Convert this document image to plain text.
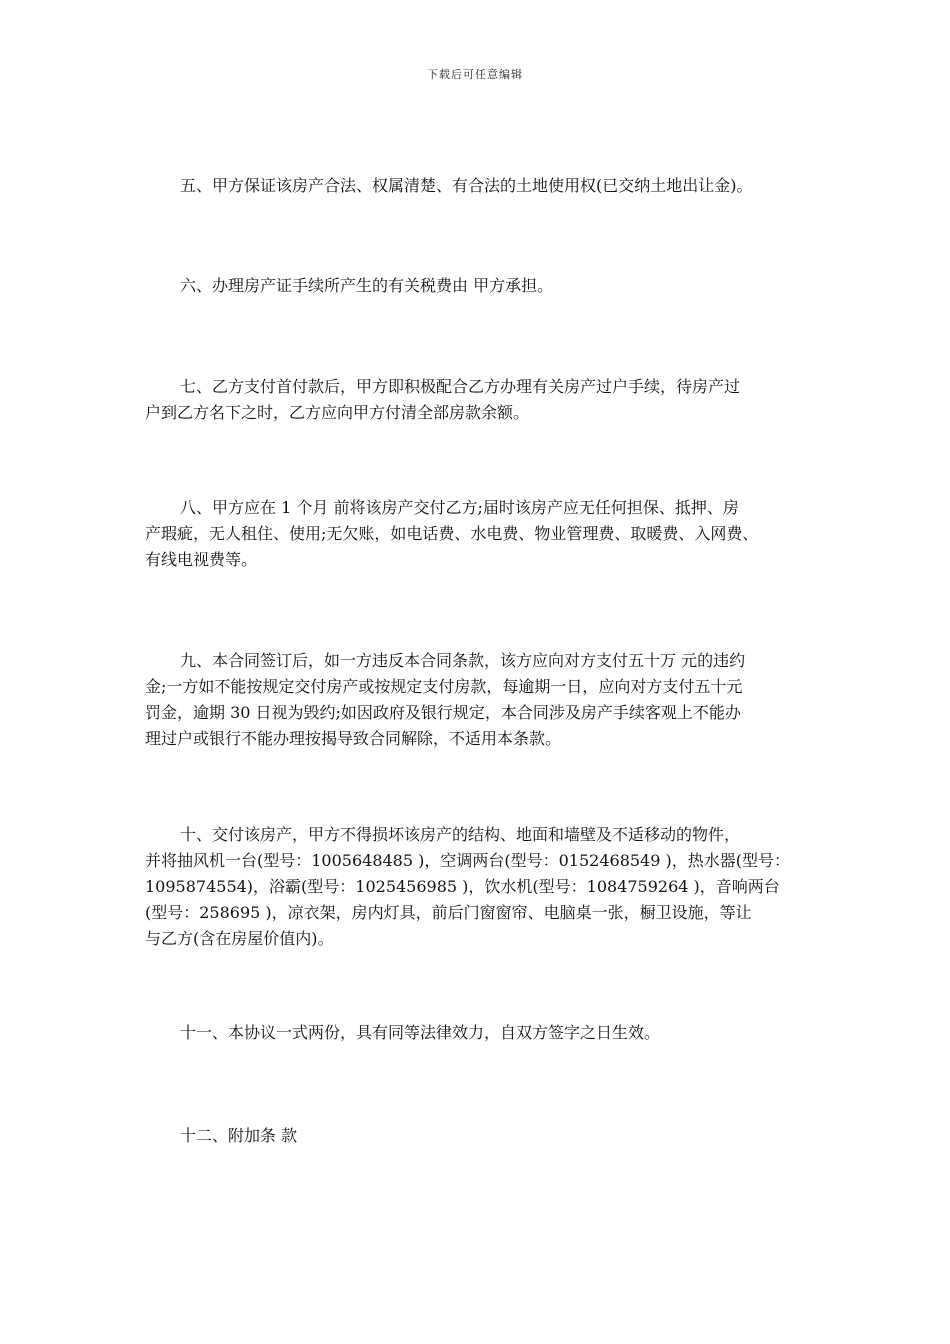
下载后可任意编辑

五、甲方保证该房产合法、权属清楚、有合法的土地使用权(已交纳土地出让金)。

六、办理房产证手续所产生的有关税费由 甲方承担。

七、乙方支付首付款后，甲方即积极配合乙方办理有关房产过户手续，待房产过
户到乙方名下之时，乙方应向甲方付清全部房款余额。

八、甲方应在 1 个月 前将该房产交付乙方;届时该房产应无任何担保、抵押、房
产瑕疵，无人租住、使用;无欠账，如电话费、水电费、物业管理费、取暖费、入网费、
有线电视费等。

九、本合同签订后，如一方违反本合同条款，该方应向对方支付五十万 元的违约
金;一方如不能按规定交付房产或按规定支付房款，每逾期一日，应向对方支付五十元
罚金，逾期 30 日视为毁约;如因政府及银行规定，本合同涉及房产手续客观上不能办
理过户或银行不能办理按揭导致合同解除，不适用本条款。

十、交付该房产，甲方不得损坏该房产的结构、地面和墙壁及不适移动的物件，
并将抽风机一台(型号：1005648485 )，空调两台(型号：0152468549 )，热水器(型号：
1095874554)，浴霸(型号：1025456985 )，饮水机(型号：1084759264 )，音响两台
(型号：258695 )，凉衣架，房内灯具，前后门窗窗帘、电脑桌一张，橱卫设施，等让
与乙方(含在房屋价值内)。

十一、本协议一式两份，具有同等法律效力，自双方签字之日生效。

十二、附加条 款
